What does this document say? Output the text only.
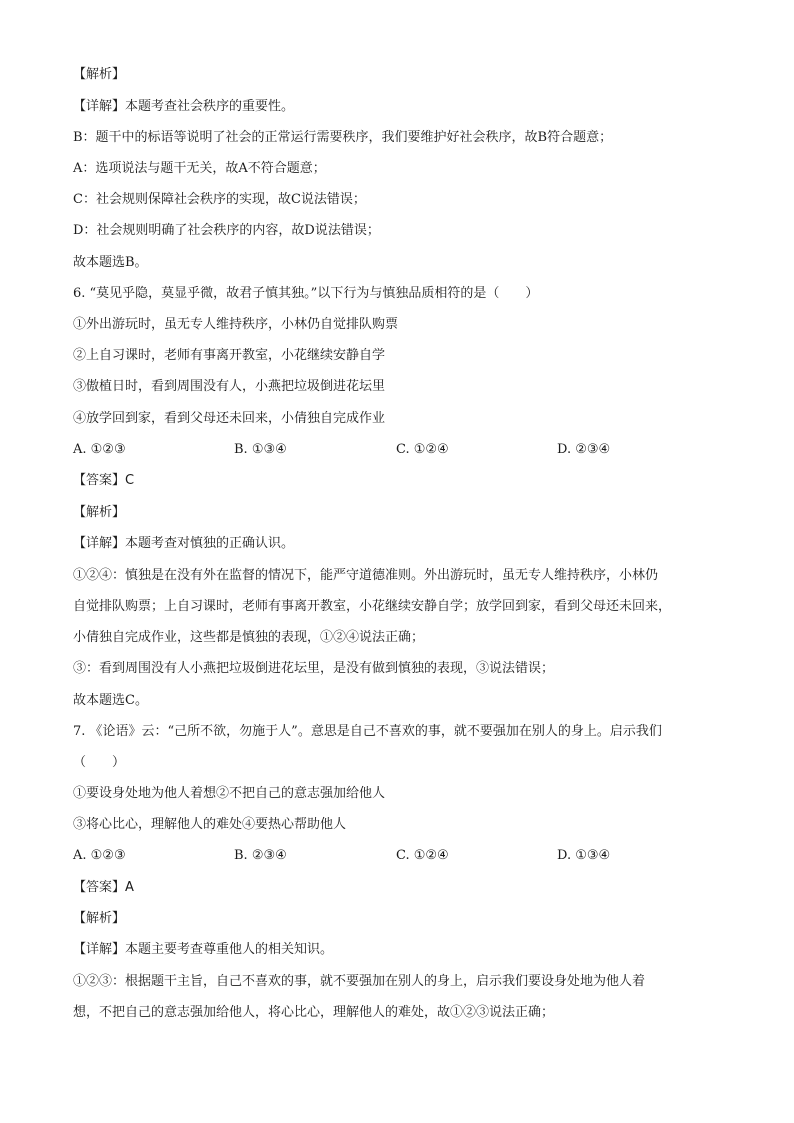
【解析】
【详解】本题考查社会秩序的重要性。
B：题干中的标语等说明了社会的正常运行需要秩序，我们要维护好社会秩序，故B符合题意；
A：选项说法与题干无关，故A不符合题意；
C：社会规则保障社会秩序的实现，故C说法错误；
D：社会规则明确了社会秩序的内容，故D说法错误；
故本题选B。
6. “莫见乎隐，莫显乎微，故君子慎其独。”以下行为与慎独品质相符的是（　　）
①外出游玩时，虽无专人维持秩序，小林仍自觉排队购票
②上自习课时，老师有事离开教室，小花继续安静自学
③傲植日时，看到周围没有人，小燕把垃圾倒进花坛里
④放学回到家，看到父母还未回来，小倩独自完成作业
A. ①②③	B. ①③④	C. ①②④	D. ②③④
【答案】C
【解析】
【详解】本题考查对慎独的正确认识。
①②④：慎独是在没有外在监督的情况下，能严守道德准则。外出游玩时，虽无专人维持秩序，小林仍
自觉排队购票；上自习课时，老师有事离开教室，小花继续安静自学；放学回到家，看到父母还未回来，
小倩独自完成作业，这些都是慎独的表现，①②④说法正确；
③：看到周围没有人小燕把垃圾倒进花坛里，是没有做到慎独的表现，③说法错误；
故本题选C。
7. 《论语》云：“己所不欲，勿施于人”。意思是自己不喜欢的事，就不要强加在别人的身上。启示我们
（　　）
①要设身处地为他人着想②不把自己的意志强加给他人
③将心比心，理解他人的难处④要热心帮助他人
A. ①②③	B. ②③④	C. ①②④	D. ①③④
【答案】A
【解析】
【详解】本题主要考查尊重他人的相关知识。
①②③：根据题干主旨，自己不喜欢的事，就不要强加在别人的身上，启示我们要设身处地为他人着
想，不把自己的意志强加给他人，将心比心，理解他人的难处，故①②③说法正确；
